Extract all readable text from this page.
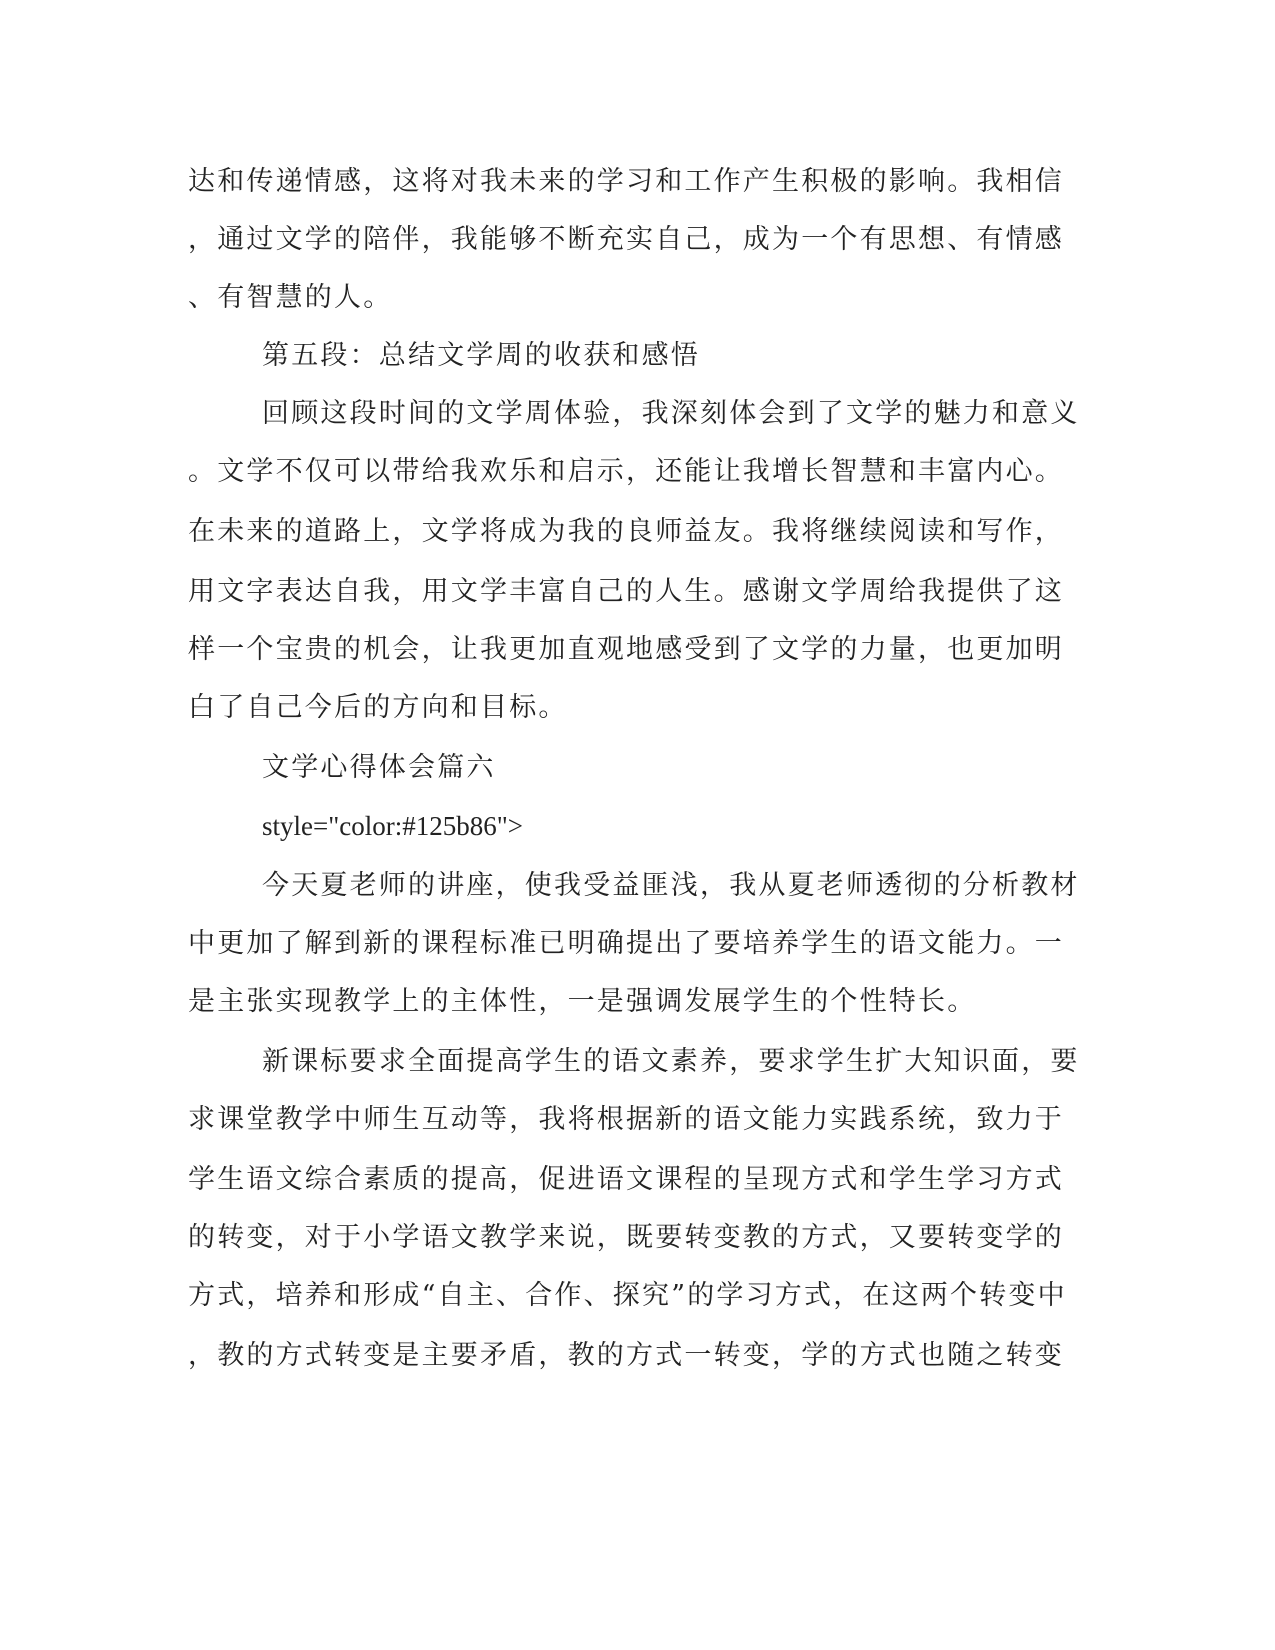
达和传递情感，这将对我未来的学习和工作产生积极的影响。我相信

，通过文学的陪伴，我能够不断充实自己，成为一个有思想、有情感

、有智慧的人。

第五段：总结文学周的收获和感悟

回顾这段时间的文学周体验，我深刻体会到了文学的魅力和意义

。文学不仅可以带给我欢乐和启示，还能让我增长智慧和丰富内心。

在未来的道路上，文学将成为我的良师益友。我将继续阅读和写作，

用文字表达自我，用文学丰富自己的人生。感谢文学周给我提供了这

样一个宝贵的机会，让我更加直观地感受到了文学的力量，也更加明

白了自己今后的方向和目标。

文学心得体会篇六

style="color:#125b86">

今天夏老师的讲座，使我受益匪浅，我从夏老师透彻的分析教材

中更加了解到新的课程标准已明确提出了要培养学生的语文能力。一

是主张实现教学上的主体性，一是强调发展学生的个性特长。

新课标要求全面提高学生的语文素养，要求学生扩大知识面，要

求课堂教学中师生互动等，我将根据新的语文能力实践系统，致力于

学生语文综合素质的提高，促进语文课程的呈现方式和学生学习方式

的转变，对于小学语文教学来说，既要转变教的方式，又要转变学的

方式，培养和形成“自主、合作、探究”的学习方式，在这两个转变中

，教的方式转变是主要矛盾，教的方式一转变，学的方式也随之转变
